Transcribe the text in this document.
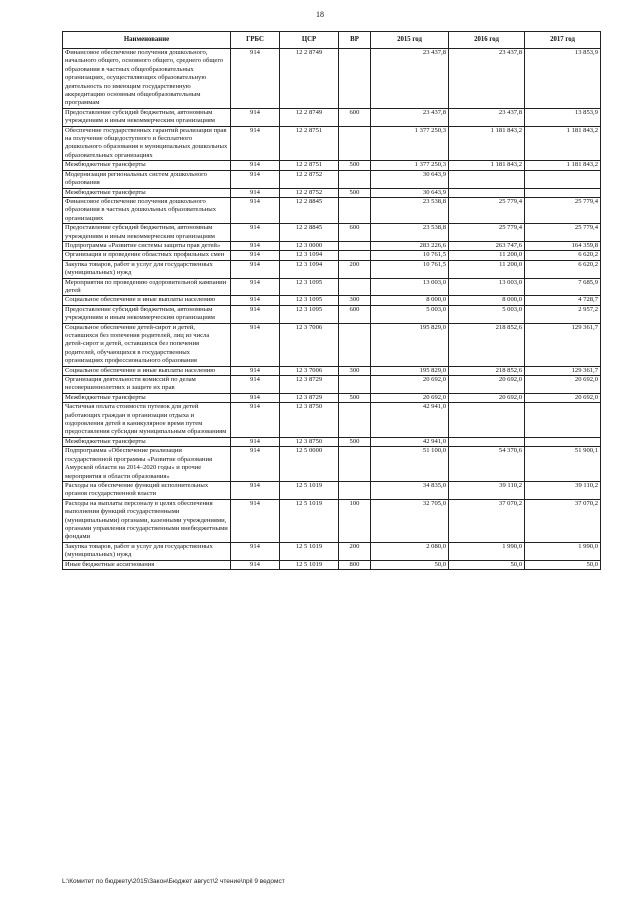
18
Наименование	ГРБС	ЦСР	ВР	2015 год	2016 год	2017 год
Финансовое обеспечение получения дошкольного, начального общего, основного общего, среднего общего образования в частных общеобразовательных организациях, осуществляющих образовательную деятельность по имеющим государственную аккредитацию основным общеобразовательным программам	914	12 2 8749		23 437,8	23 437,8	13 853,9
Предоставление субсидий бюджетным, автономным учреждениям и иным некоммерческим организациям	914	12 2 8749	600	23 437,8	23 437,8	13 853,9
Обеспечение государственных гарантий реализации прав на получение общедоступного и бесплатного дошкольного образования в муниципальных дошкольных образовательных организациях	914	12 2 8751		1 377 250,3	1 181 843,2	1 181 843,2
Межбюджетные трансферты	914	12 2 8751	500	1 377 250,3	1 181 843,2	1 181 843,2
Модернизация региональных систем дошкольного образования	914	12 2 8752		30 643,9		
Межбюджетные трансферты	914	12 2 8752	500	30 643,9		
Финансовое обеспечение получения дошкольного образования в частных дошкольных образовательных организациях	914	12 2 8845		23 538,8	25 779,4	25 779,4
Предоставление субсидий бюджетным, автономным учреждениям и иным некоммерческим организациям	914	12 2 8845	600	23 538,8	25 779,4	25 779,4
Подпрограмма «Развитие системы защиты прав детей»	914	12 3 0000		283 226,6	263 747,6	164 359,8
Организация и проведение областных профильных смен	914	12 3 1094		10 761,5	11 200,0	6 620,2
Закупка товаров, работ и услуг для государственных (муниципальных) нужд	914	12 3 1094	200	10 761,5	11 200,0	6 620,2
Мероприятия по проведению оздоровительной кампании детей	914	12 3 1095		13 003,0	13 003,0	7 685,9
Социальное обеспечение и иные выплаты населению	914	12 3 1095	300	8 000,0	8 000,0	4 728,7
Предоставление субсидий бюджетным, автономным учреждениям и иным некоммерческим организациям	914	12 3 1095	600	5 003,0	5 003,0	2 957,2
Социальное обеспечение детей-сирот и детей, оставшихся без попечения родителей, лиц из числа детей-сирот и детей, оставшихся без попечения родителей, обучающихся в государственных организациях профессионального образования	914	12 3 7006		195 829,0	218 852,6	129 361,7
Социальное обеспечение и иные выплаты населению	914	12 3 7006	300	195 829,0	218 852,6	129 361,7
Организация деятельности комиссий по делам несовершеннолетних и защите их прав	914	12 3 8729		20 692,0	20 692,0	20 692,0
Межбюджетные трансферты	914	12 3 8729	500	20 692,0	20 692,0	20 692,0
Частичная оплата стоимости путевок для детей работающих граждан в организации отдыха и оздоровления детей в каникулярное время путем предоставления субсидии муниципальным образованиям	914	12 3 8750		42 941,0		
Межбюджетные трансферты	914	12 3 8750	500	42 941,0		
Подпрограмма «Обеспечение реализации государственной программы «Развитие образования Амурской области на 2014–2020 годы» и прочие мероприятия в области образования»	914	12 5 0000		51 100,0	54 370,6	51 900,1
Расходы на обеспечение функций исполнительных органов государственной власти	914	12 5 1019		34 835,0	39 110,2	39 110,2
Расходы на выплаты персоналу в целях обеспечения выполнения функций государственными (муниципальными) органами, казенными учреждениями, органами управления государственными внебюджетными фондами	914	12 5 1019	100	32 705,0	37 070,2	37 070,2
Закупка товаров, работ и услуг для государственных (муниципальных) нужд	914	12 5 1019	200	2 080,0	1 990,0	1 990,0
Иные бюджетные ассигнования	914	12 5 1019	800	50,0	50,0	50,0
L:\Комитет по бюджету\2015\Закон\Бюджет август\2 чтение\прil 9 ведомст
